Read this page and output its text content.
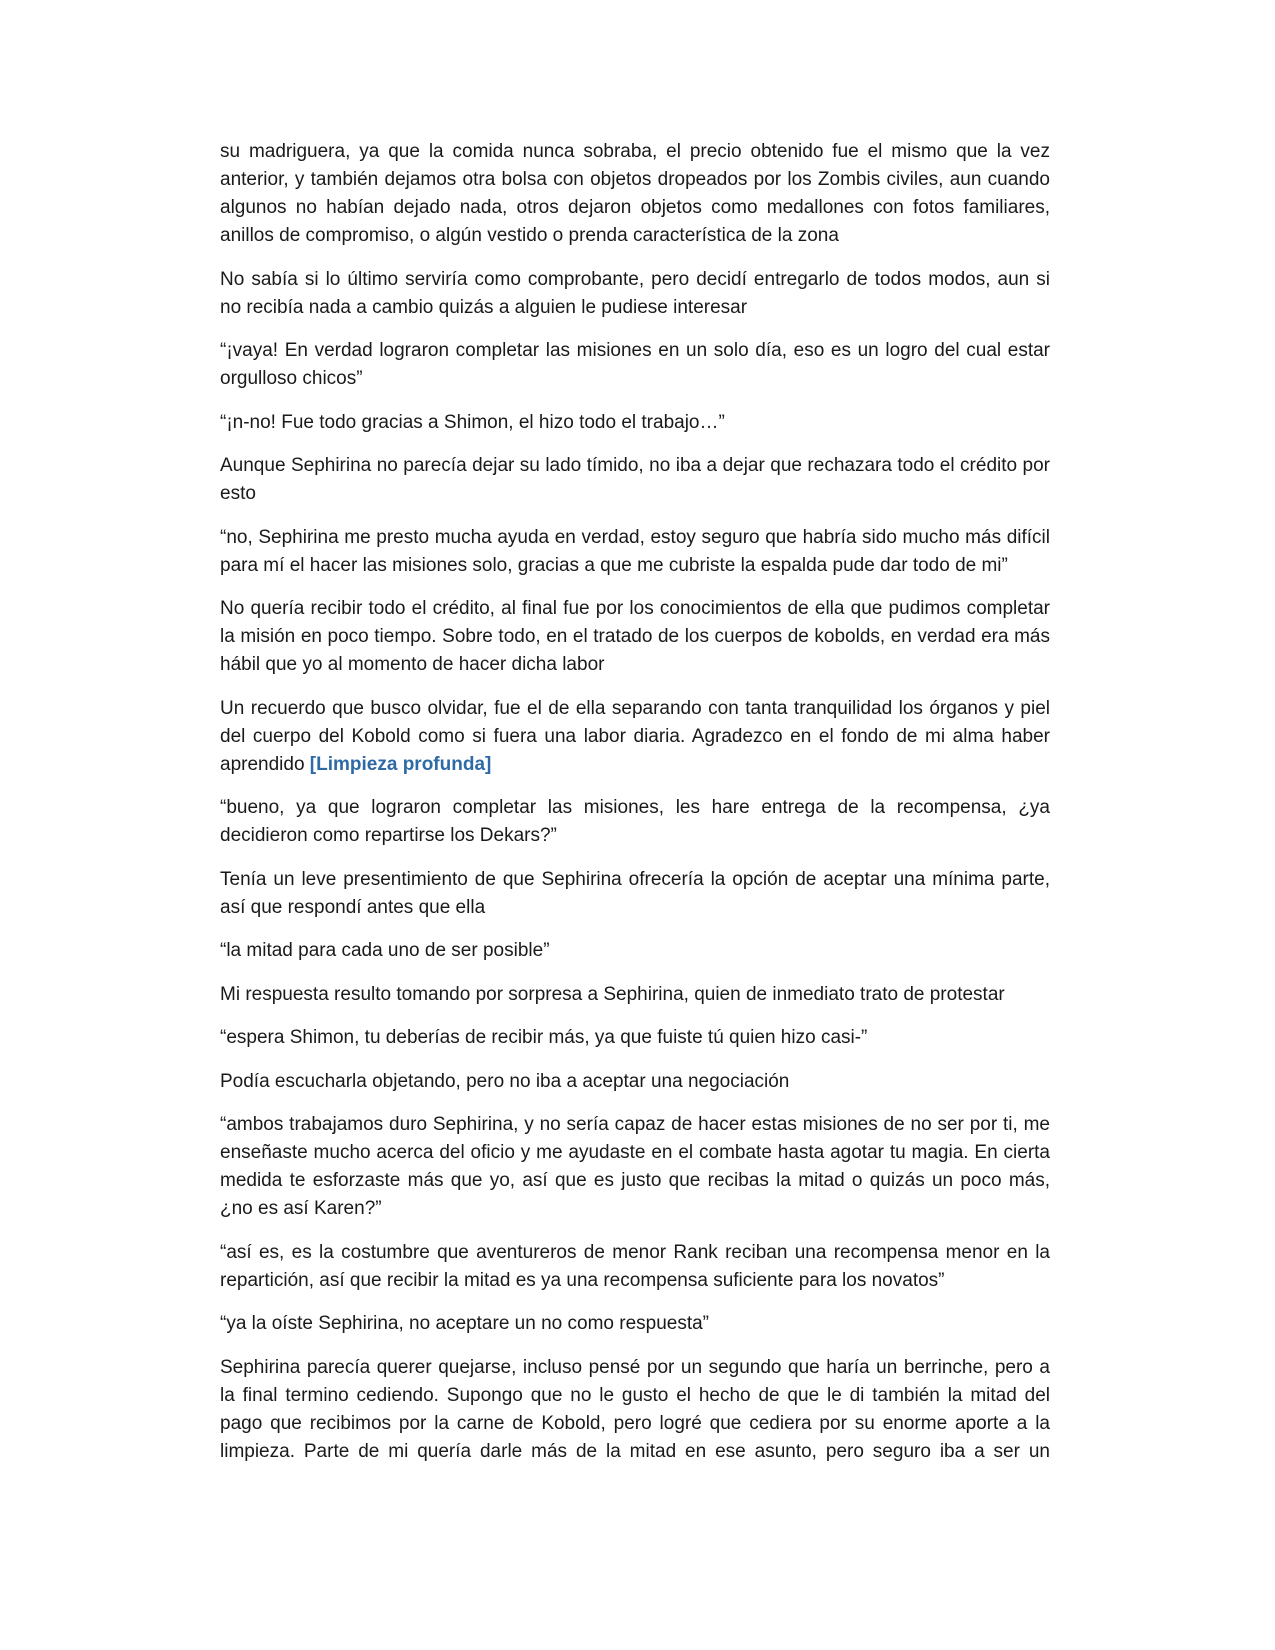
su madriguera, ya que la comida nunca sobraba, el precio obtenido fue el mismo que la vez anterior, y también dejamos otra bolsa con objetos dropeados por los Zombis civiles, aun cuando algunos no habían dejado nada, otros dejaron objetos como medallones con fotos familiares, anillos de compromiso, o algún vestido o prenda característica de la zona

No sabía si lo último serviría como comprobante, pero decidí entregarlo de todos modos, aun si no recibía nada a cambio quizás a alguien le pudiese interesar

“¡vaya! En verdad lograron completar las misiones en un solo día, eso es un logro del cual estar orgulloso chicos”

“¡n-no! Fue todo gracias a Shimon, el hizo todo el trabajo…”

Aunque Sephirina no parecía dejar su lado tímido, no iba a dejar que rechazara todo el crédito por esto

“no, Sephirina me presto mucha ayuda en verdad, estoy seguro que habría sido mucho más difícil para mí el hacer las misiones solo, gracias a que me cubriste la espalda pude dar todo de mi”

No quería recibir todo el crédito, al final fue por los conocimientos de ella que pudimos completar la misión en poco tiempo. Sobre todo, en el tratado de los cuerpos de kobolds, en verdad era más hábil que yo al momento de hacer dicha labor

Un recuerdo que busco olvidar, fue el de ella separando con tanta tranquilidad los órganos y piel del cuerpo del Kobold como si fuera una labor diaria. Agradezco en el fondo de mi alma haber aprendido [Limpieza profunda]

“bueno, ya que lograron completar las misiones, les hare entrega de la recompensa, ¿ya decidieron como repartirse los Dekars?”

Tenía un leve presentimiento de que Sephirina ofrecería la opción de aceptar una mínima parte, así que respondí antes que ella

“la mitad para cada uno de ser posible”

Mi respuesta resulto tomando por sorpresa a Sephirina, quien de inmediato trato de protestar

“espera Shimon, tu deberías de recibir más, ya que fuiste tú quien hizo casi-”

Podía escucharla objetando, pero no iba a aceptar una negociación

“ambos trabajamos duro Sephirina, y no sería capaz de hacer estas misiones de no ser por ti, me enseñaste mucho acerca del oficio y me ayudaste en el combate hasta agotar tu magia. En cierta medida te esforzaste más que yo, así que es justo que recibas la mitad o quizás un poco más, ¿no es así Karen?”

“así es, es la costumbre que aventureros de menor Rank reciban una recompensa menor en la repartición, así que recibir la mitad es ya una recompensa suficiente para los novatos”

“ya la oíste Sephirina, no aceptare un no como respuesta”

Sephirina parecía querer quejarse, incluso pensé por un segundo que haría un berrinche, pero a la final termino cediendo. Supongo que no le gusto el hecho de que le di también la mitad del pago que recibimos por la carne de Kobold, pero logré que cediera por su enorme aporte a la limpieza. Parte de mi quería darle más de la mitad en ese asunto, pero seguro iba a ser un
